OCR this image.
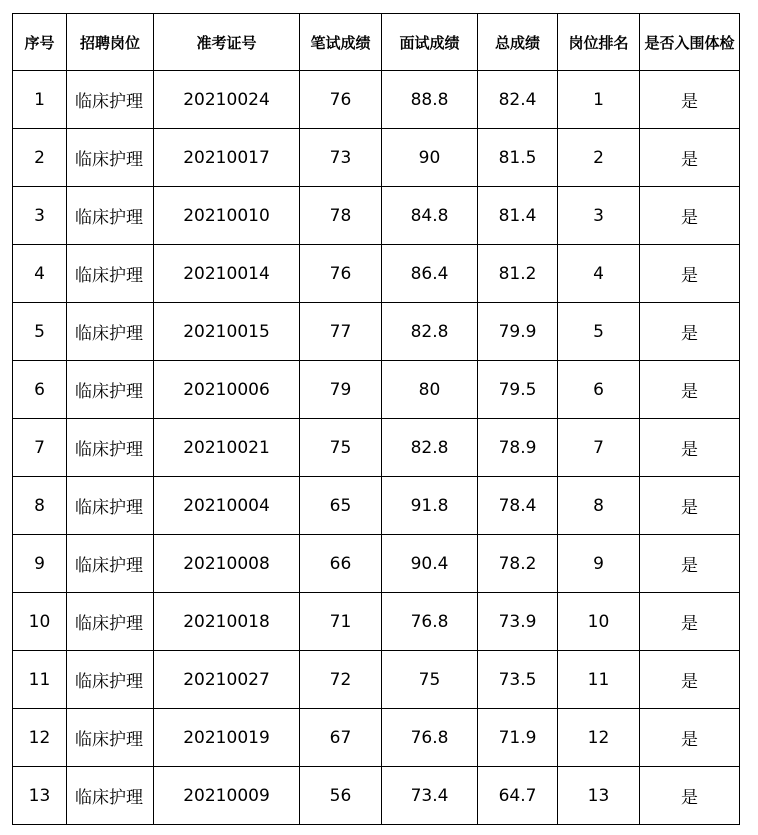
序号	招聘岗位	准考证号	笔试成绩	面试成绩	总成绩	岗位排名	是否入围体检
1	临床护理	20210024	76	88.8	82.4	1	是
2	临床护理	20210017	73	90	81.5	2	是
3	临床护理	20210010	78	84.8	81.4	3	是
4	临床护理	20210014	76	86.4	81.2	4	是
5	临床护理	20210015	77	82.8	79.9	5	是
6	临床护理	20210006	79	80	79.5	6	是
7	临床护理	20210021	75	82.8	78.9	7	是
8	临床护理	20210004	65	91.8	78.4	8	是
9	临床护理	20210008	66	90.4	78.2	9	是
10	临床护理	20210018	71	76.8	73.9	10	是
11	临床护理	20210027	72	75	73.5	11	是
12	临床护理	20210019	67	76.8	71.9	12	是
13	临床护理	20210009	56	73.4	64.7	13	是
